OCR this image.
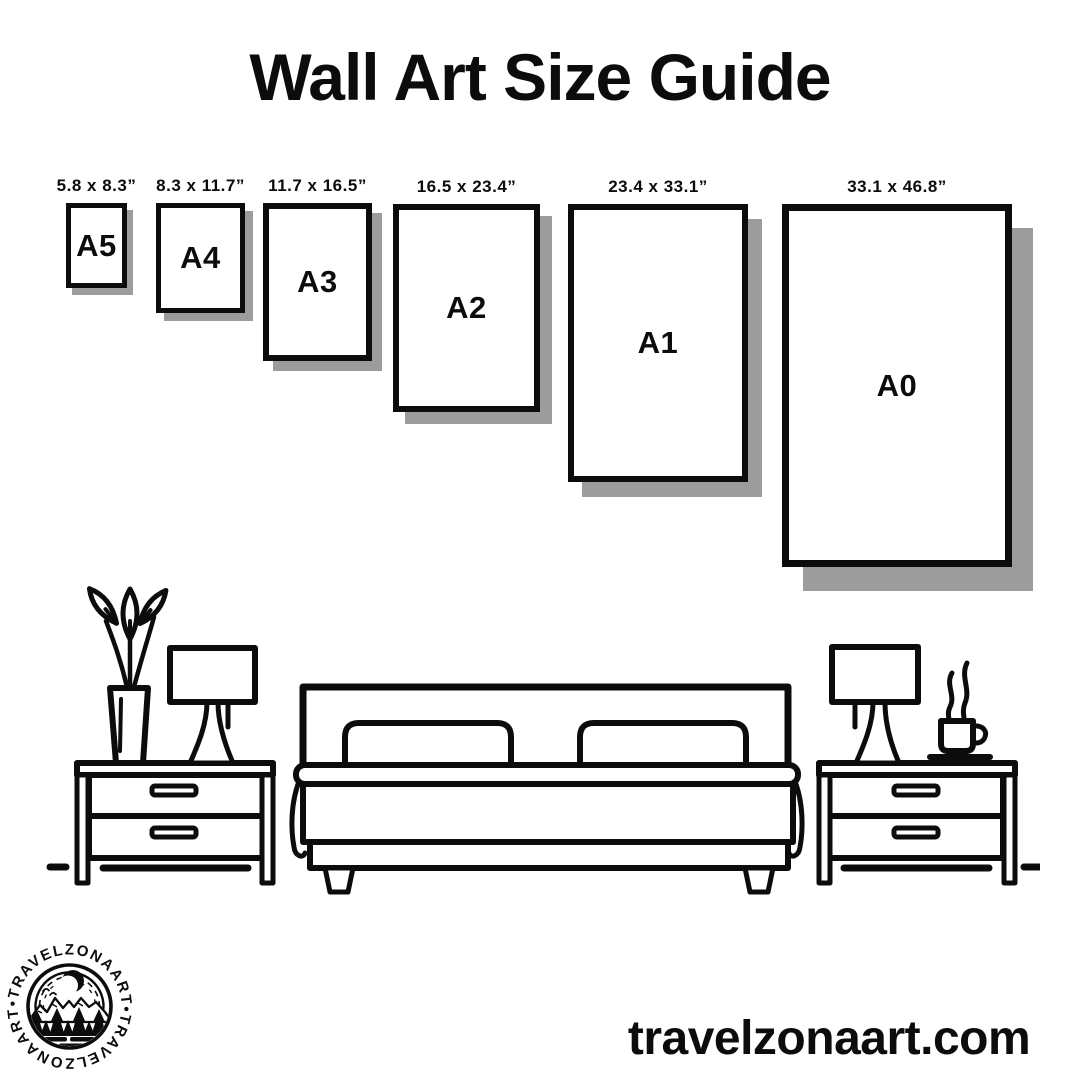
Wall Art Size Guide
5.8 x 8.3”
A5
8.3 x 11.7”
A4
11.7 x 16.5”
A3
16.5 x 23.4”
A2
23.4 x 33.1”
A1
33.1 x 46.8”
A0
•TRAVELZONAART•TRAVELZONAART	travelzonaart.com
